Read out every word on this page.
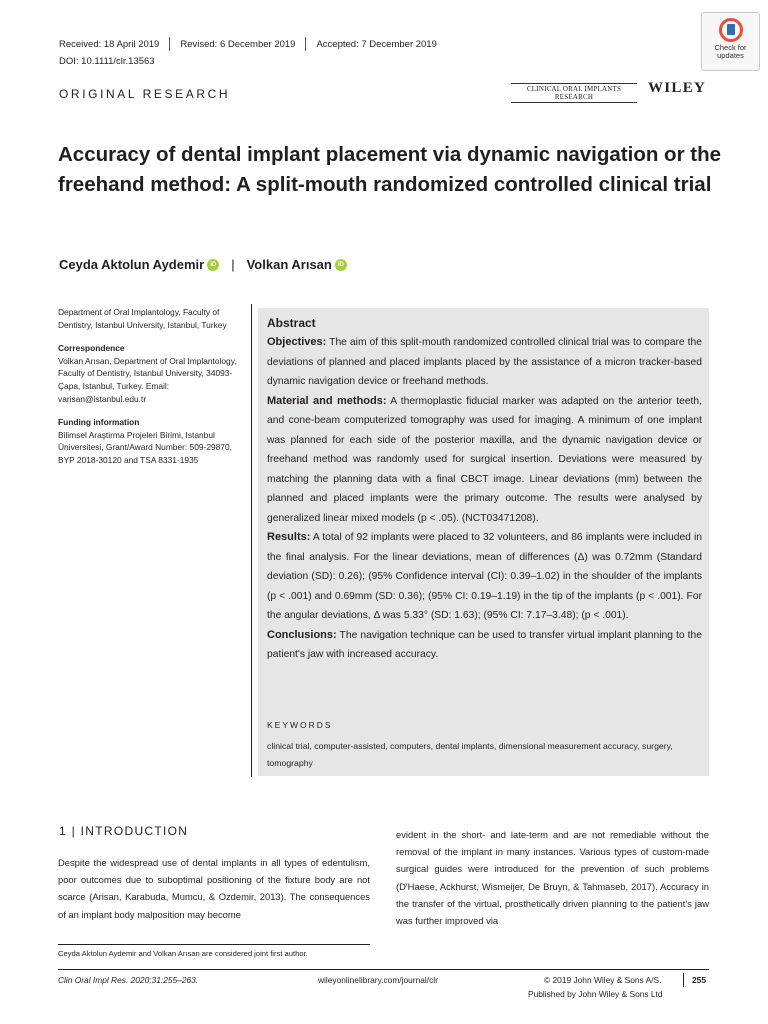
Received: 18 April 2019 Revised: 6 December 2019 Accepted: 7 December 2019
DOI: 10.1111/clr.13563
ORIGINAL RESEARCH
Check for
updates
CLINICAL ORAL IMPLANTS RESEARCH
WILEY
Accuracy of dental implant placement via dynamic navigation or the freehand method: A split-mouth randomized controlled clinical trial
Ceyda Aktolun Aydemir	iD | Volkan Arısan	iD
Department of Oral Implantology, Faculty of Dentistry, Istanbul University, Istanbul, Turkey
Correspondence
Volkan Arısan, Department of Oral Implantology, Faculty of Dentistry, Istanbul University, 34093-Çapa, Istanbul, Turkey. Email: varisan@istanbul.edu.tr
Funding information
Bilimsel Araştirma Projeleri Birimi, Istanbul Üniversitesi, Grant/Award Number: 509-29870, BYP 2018-30120 and TSA 8331-1935
Abstract

Objectives: The aim of this split-mouth randomized controlled clinical trial was to compare the deviations of planned and placed implants placed by the assistance of a micron tracker-based dynamic navigation device or freehand methods.

Material and methods: A thermoplastic fiducial marker was adapted on the anterior teeth, and cone-beam computerized tomography was used for imaging. A minimum of one implant was planned for each side of the posterior maxilla, and the dynamic navigation device or freehand method was randomly used for surgical insertion. Deviations were measured by matching the planning data with a final CBCT image. Linear deviations (mm) between the planned and placed implants were the primary outcome. The results were analysed by generalized linear mixed models (p < .05). (NCT03471208).

Results: A total of 92 implants were placed to 32 volunteers, and 86 implants were included in the final analysis. For the linear deviations, mean of differences (Δ) was 0.72mm (Standard deviation (SD): 0.26); (95% Confidence interval (CI): 0.39–1.02) in the shoulder of the implants (p < .001) and 0.69mm (SD: 0.36); (95% CI: 0.19–1.19) in the tip of the implants (p < .001). For the angular deviations, Δ was 5.33° (SD: 1.63); (95% CI: 7.17–3.48); (p < .001).

Conclusions: The navigation technique can be used to transfer virtual implant planning to the patient's jaw with increased accuracy.

KEYWORDS
clinical trial, computer-assisted, computers, dental implants, dimensional measurement accuracy, surgery, tomography
1 | INTRODUCTION
Despite the widespread use of dental implants in all types of edentulism, poor outcomes due to suboptimal positioning of the fixture body are not scarce (Arisan, Karabuda, Mumcu, & Ozdemir, 2013). The consequences of an implant body malposition may become
evident in the short- and late-term and are not remediable without the removal of the implant in many instances. Various types of custom-made surgical guides were introduced for the prevention of such problems (D'Haese, Ackhurst, Wismeijer, De Bruyn, & Tahmaseb, 2017). Accuracy in the transfer of the virtual, prosthetically driven planning to the patient's jaw was further improved via
Ceyda Aktolun Aydemir and Volkan Arısan are considered joint first author.
Clin Oral Impl Res. 2020;31:255–263.	wileyonlinelibrary.com/journal/clr	© 2019 John Wiley & Sons A/S.
Published by John Wiley & Sons Ltd
255
